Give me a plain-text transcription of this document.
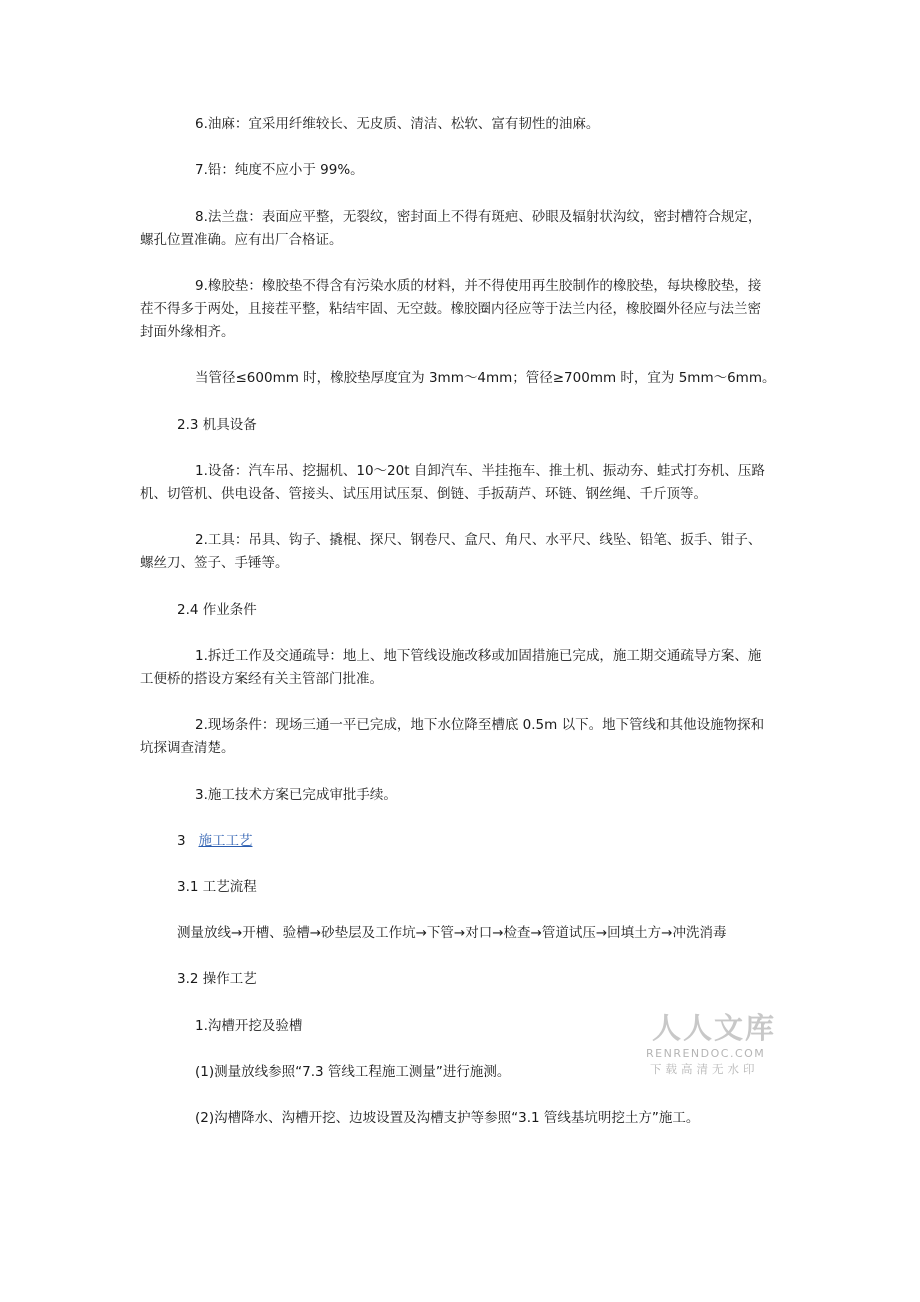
6.油麻：宜采用纤维较长、无皮质、清洁、松软、富有韧性的油麻。

7.铅：纯度不应小于 99%。

8.法兰盘：表面应平整，无裂纹，密封面上不得有斑疤、砂眼及辐射状沟纹，密封槽符合规定，

螺孔位置准确。应有出厂合格证。

9.橡胶垫：橡胶垫不得含有污染水质的材料，并不得使用再生胶制作的橡胶垫，每块橡胶垫，接

茬不得多于两处，且接茬平整，粘结牢固、无空鼓。橡胶圈内径应等于法兰内径，橡胶圈外径应与法兰密

封面外缘相齐。

当管径≤600mm 时，橡胶垫厚度宜为 3mm～4mm；管径≥700mm 时，宜为 5mm～6mm。

2.3 机具设备

1.设备：汽车吊、挖掘机、10～20t 自卸汽车、半挂拖车、推土机、振动夯、蛙式打夯机、压路

机、切管机、供电设备、管接头、试压用试压泵、倒链、手扳葫芦、环链、钢丝绳、千斤顶等。

2.工具：吊具、钩子、撬棍、探尺、钢卷尺、盒尺、角尺、水平尺、线坠、铅笔、扳手、钳子、

螺丝刀、签子、手锤等。

2.4 作业条件

1.拆迁工作及交通疏导：地上、地下管线设施改移或加固措施已完成，施工期交通疏导方案、施

工便桥的搭设方案经有关主管部门批准。

2.现场条件：现场三通一平已完成，地下水位降至槽底 0.5m 以下。地下管线和其他设施物探和

坑探调查清楚。

3.施工技术方案已完成审批手续。

3 施工工艺

3.1 工艺流程

测量放线→开槽、验槽→砂垫层及工作坑→下管→对口→检查→管道试压→回填土方→冲洗消毒

3.2 操作工艺

1.沟槽开挖及验槽

(1)测量放线参照“7.3 管线工程施工测量”进行施测。

(2)沟槽降水、沟槽开挖、边坡设置及沟槽支护等参照“3.1 管线基坑明挖土方”施工。

人人文库
RENRENDOC.COM
下载高清无水印
